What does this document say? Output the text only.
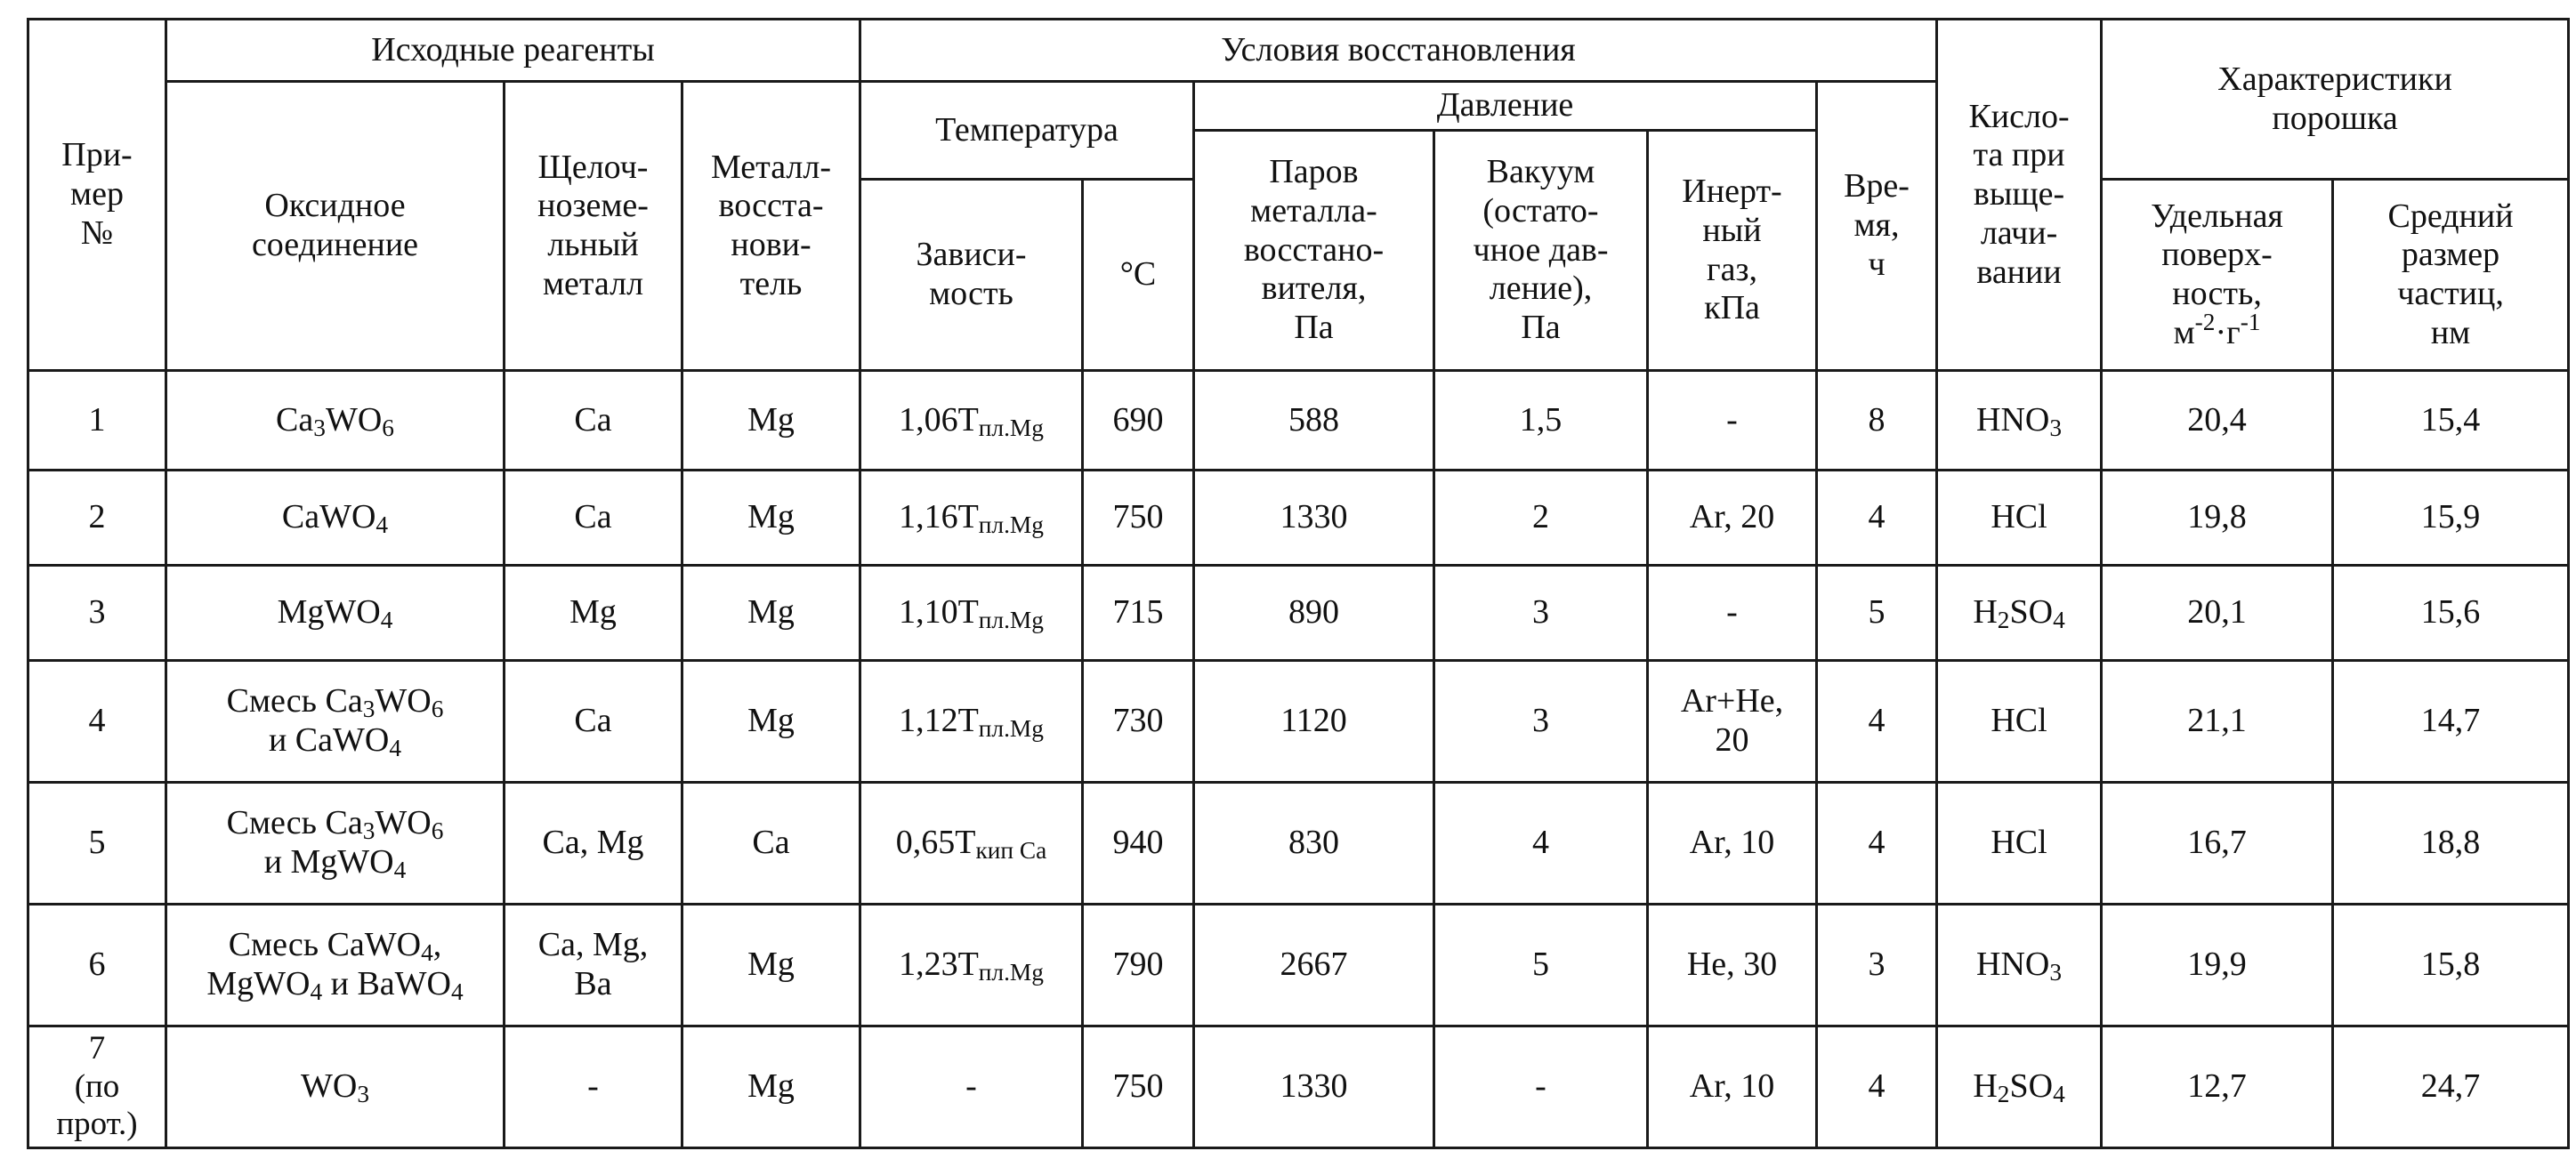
При-
мер
№	Исходные реагенты			Условия восстановления						Кисло-
та при
выще-
лачи-
вании	Характеристики
порошка	
	Оксидное
соединение	Щелоч-
ноземе-
льный
металл	Металл-
восста-
нови-
тель	Температура		Давление			Вре-
мя,
ч			
						Паров
металла-
восстано-
вителя,
Па	Вакуум
(остато-
чное дав-
ление),
Па	Инерт-
ный
газ,
кПа				
				Зависи-
мость	°C						Удельная
поверх-
ность,
$м^{-2}\cdot г^{-1}$	Средний
размер
частиц,
нм
1	$Ca_3WO_6$	Ca	Mg	$1,06T_{пл.Mg}$	690	588	1,5	-	8	$HNO_3$	20,4	15,4
2	CaWO$_4$	Ca	Mg	$1,16T_{пл.Mg}$	750	1330	2	Ar, 20	4	HCl	19,8	15,9
3	MgWO$_4$	Mg	Mg	$1,10T_{пл.Mg}$	715	890	3	-	5	$H_2SO_4$	20,1	15,6
4	Смесь $Ca_3WO_6$
и CaWO$_4$	Ca	Mg	$1,12T_{пл.Mg}$	730	1120	3	Ar+He,
20	4	HCl	21,1	14,7
5	Смесь $Ca_3WO_6$
и MgWO$_4$	Ca, Mg	Ca	$0,65T_{кип Ca}$	940	830	4	Ar, 10	4	HCl	16,7	18,8
6	Смесь CaWO$_4$,
MgWO$_4$ и BaWO$_4$	Ca, Mg,
Ba	Mg	$1,23T_{пл.Mg}$	790	2667	5	He, 30	3	$HNO_3$	19,9	15,8
7
(по
прот.)	$WO_3$	-	Mg	-	750	1330	-	Ar, 10	4	$H_2SO_4$	12,7	24,7
